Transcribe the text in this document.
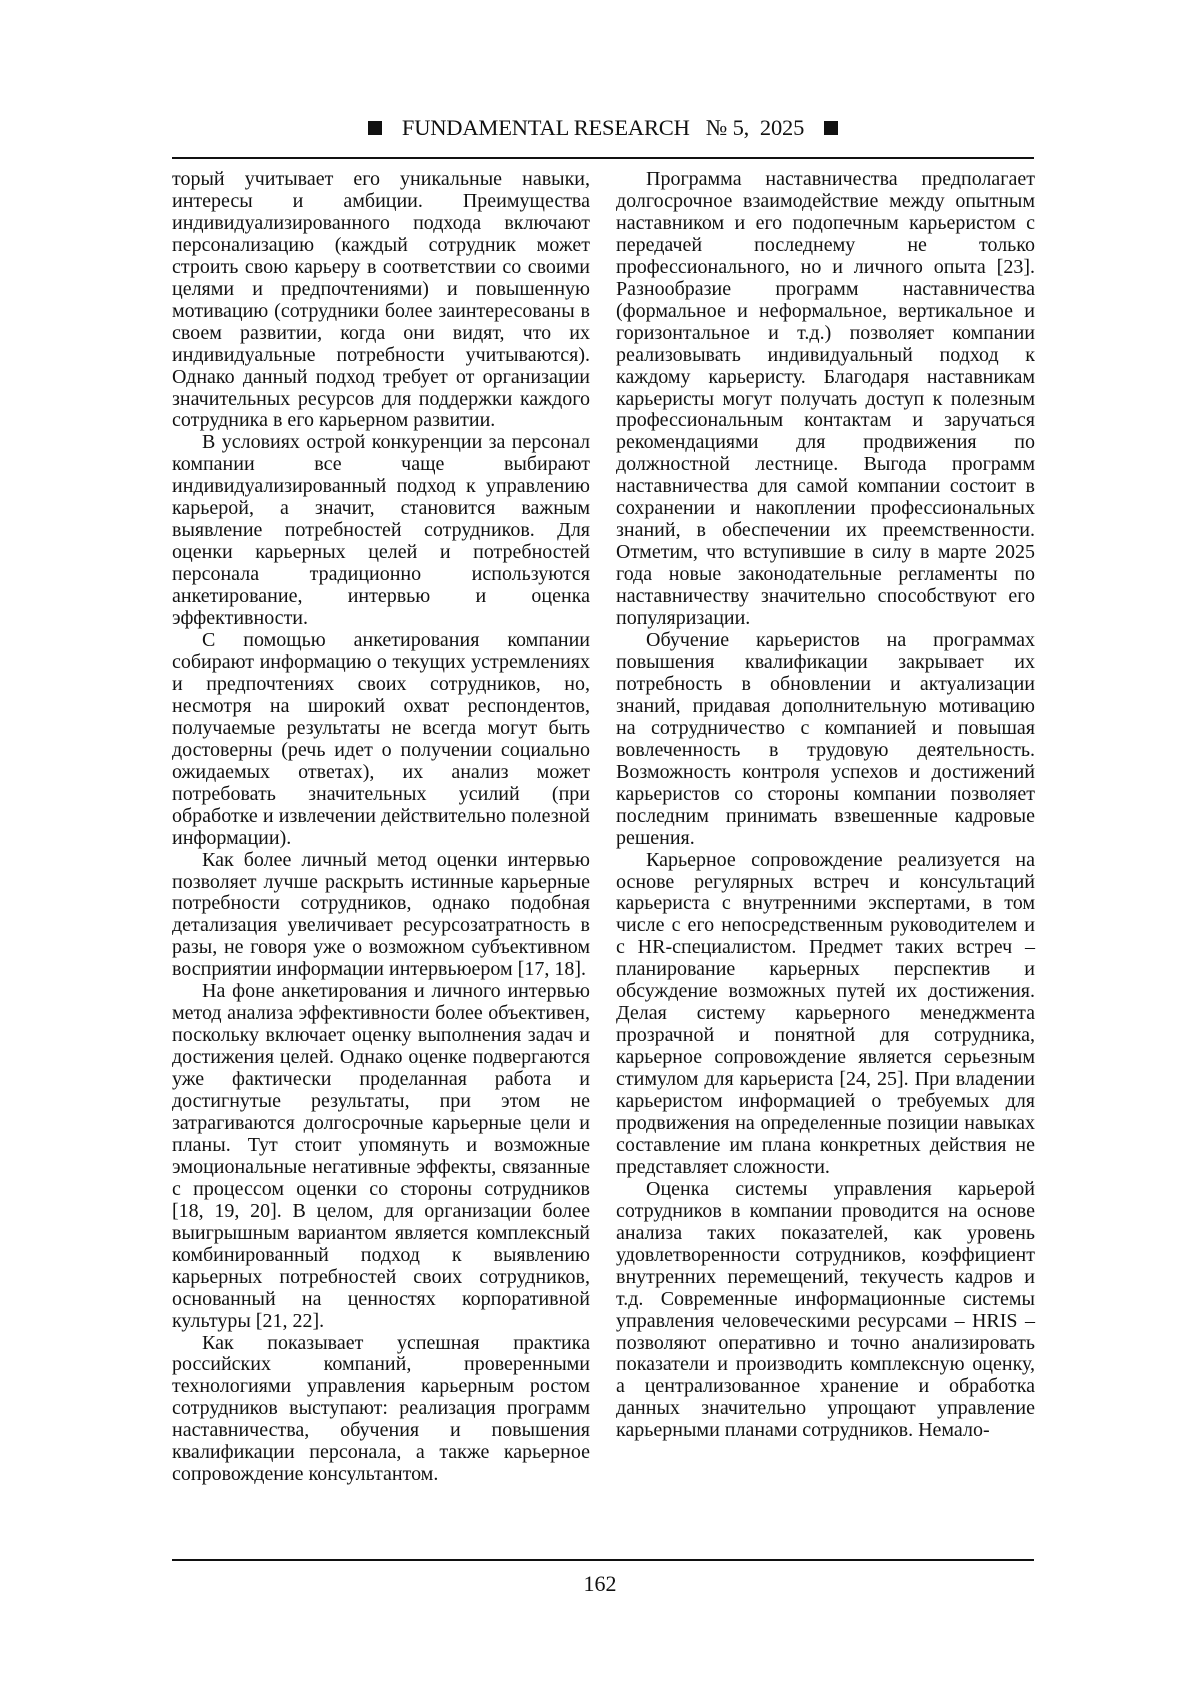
FUNDAMENTAL RESEARCH   № 5,  2025

торый учитывает его уникальные навыки, интересы и амбиции. Преимущества индивидуализированного подхода включают персонализацию (каждый сотрудник может строить свою карьеру в соответствии со своими целями и предпочтениями) и повышенную мотивацию (сотрудники более заинтересованы в своем развитии, когда они видят, что их индивидуальные потребности учитываются). Однако данный подход требует от организации значительных ресурсов для поддержки каждого сотрудника в его карьерном развитии.

В условиях острой конкуренции за персонал компании все чаще выбирают индивидуализированный подход к управлению карьерой, а значит, становится важным выявление потребностей сотрудников. Для оценки карьерных целей и потребностей персонала традиционно используются анкетирование, интервью и оценка эффективности.

С помощью анкетирования компании собирают информацию о текущих устремлениях и предпочтениях своих сотрудников, но, несмотря на широкий охват респондентов, получаемые результаты не всегда могут быть достоверны (речь идет о получении социально ожидаемых ответах), их анализ может потребовать значительных усилий (при обработке и извлечении действительно полезной информации).

Как более личный метод оценки интервью позволяет лучше раскрыть истинные карьерные потребности сотрудников, однако подобная детализация увеличивает ресурсозатратность в разы, не говоря уже о возможном субъективном восприятии информации интервьюером [17, 18].

На фоне анкетирования и личного интервью метод анализа эффективности более объективен, поскольку включает оценку выполнения задач и достижения целей. Однако оценке подвергаются уже фактически проделанная работа и достигнутые результаты, при этом не затрагиваются долгосрочные карьерные цели и планы. Тут стоит упомянуть и возможные эмоциональные негативные эффекты, связанные с процессом оценки со стороны сотрудников [18, 19, 20]. В целом, для организации более выигрышным вариантом является комплексный комбинированный подход к выявлению карьерных потребностей своих сотрудников, основанный на ценностях корпоративной культуры [21, 22].

Как показывает успешная практика российских компаний, проверенными технологиями управления карьерным ростом сотрудников выступают: реализация программ наставничества, обучения и повышения квалификации персонала, а также карьерное сопровождение консультантом.

Программа наставничества предполагает долгосрочное взаимодействие между опытным наставником и его подопечным карьеристом с передачей последнему не только профессионального, но и личного опыта [23]. Разнообразие программ наставничества (формальное и неформальное, вертикальное и горизонтальное и т.д.) позволяет компании реализовывать индивидуальный подход к каждому карьеристу. Благодаря наставникам карьеристы могут получать доступ к полезным профессиональным контактам и заручаться рекомендациями для продвижения по должностной лестнице. Выгода программ наставничества для самой компании состоит в сохранении и накоплении профессиональных знаний, в обеспечении их преемственности. Отметим, что вступившие в силу в марте 2025 года новые законодательные регламенты по наставничеству значительно способствуют его популяризации.

Обучение карьеристов на программах повышения квалификации закрывает их потребность в обновлении и актуализации знаний, придавая дополнительную мотивацию на сотрудничество с компанией и повышая вовлеченность в трудовую деятельность. Возможность контроля успехов и достижений карьеристов со стороны компании позволяет последним принимать взвешенные кадровые решения.

Карьерное сопровождение реализуется на основе регулярных встреч и консультаций карьериста с внутренними экспертами, в том числе с его непосредственным руководителем и с HR-специалистом. Предмет таких встреч – планирование карьерных перспектив и обсуждение возможных путей их достижения. Делая систему карьерного менеджмента прозрачной и понятной для сотрудника, карьерное сопровождение является серьезным стимулом для карьериста [24, 25]. При владении карьеристом информацией о требуемых для продвижения на определенные позиции навыках составление им плана конкретных действия не представляет сложности.

Оценка системы управления карьерой сотрудников в компании проводится на основе анализа таких показателей, как уровень удовлетворенности сотрудников, коэффициент внутренних перемещений, текучесть кадров и т.д. Современные информационные системы управления человеческими ресурсами – HRIS – позволяют оперативно и точно анализировать показатели и производить комплексную оценку, а централизованное хранение и обработка данных значительно упрощают управление карьерными планами сотрудников. Немало-

162
